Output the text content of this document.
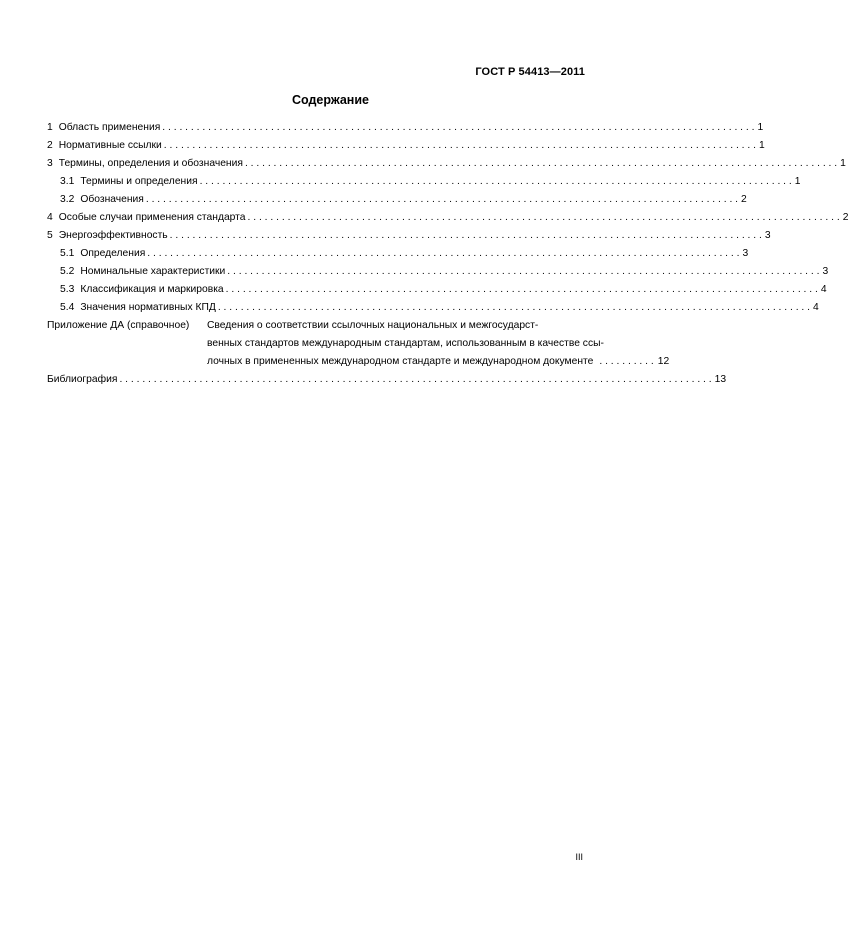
ГОСТ Р 54413—2011
Содержание
1 Область применения . . .	1
2 Нормативные ссылки . . .	1
3 Термины, определения и обозначения . . .	1
3.1 Термины и определения . . .	1
3.2 Обозначения . . .	2
4 Особые случаи применения стандарта . . .	2
5 Энергоэффективность . . .	3
5.1 Определения . . .	3
5.2 Номинальные характеристики . . .	3
5.3 Классификация и маркировка . . .	4
5.4 Значения нормативных КПД . . .	4
Приложение ДА (справочное)	Сведения о соответствии ссылочных национальных и межгосударст-
венных стандартов международным стандартам, использованным в качестве ссы-
лочных в примененных международном стандарте и международном документе . . .	12
Библиография . . .	13
III
